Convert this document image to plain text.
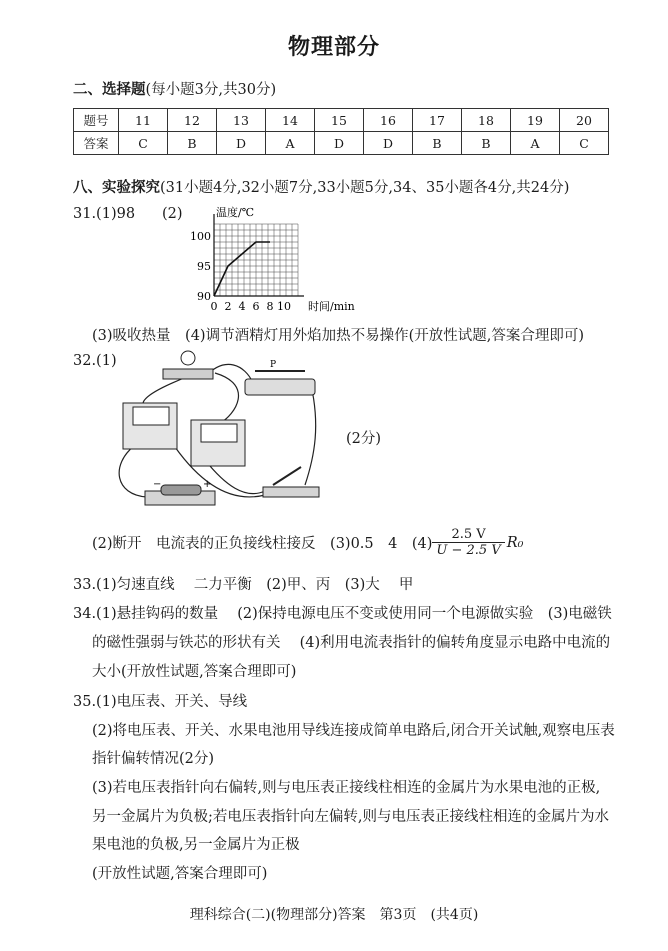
物理部分
二、选择题(每小题3分,共30分)
题号	11	12	13	14	15	16	17	18	19	20
答案	C	B	D	A	D	D	B	B	A	C
八、实验探究(31小题4分,32小题7分,33小题5分,34、35小题各4分,共24分)
31.(1)98 (2)
0 2 4 6 8 10
90
95
100
温度/℃
时间/min
(3)吸收热量　(4)调节酒精灯用外焰加热不易操作(开放性试题,答案合理即可)
32.(1)	P
−	+
(2分)
(2)断开　电流表的正负接线柱接反　(3)0.5　4　$(4) \frac{2.5 V}{U - 2.5 V} R_0$
33.(1)匀速直线　 二力平衡　(2)甲、丙　(3)大　 甲
34.(1)悬挂钩码的数量　 (2)保持电源电压不变或使用同一个电源做实验　(3)电磁铁
的磁性强弱与铁芯的形状有关　 (4)利用电流表指针的偏转角度显示电路中电流的
大小(开放性试题,答案合理即可)
35.(1)电压表、开关、导线
(2)将电压表、开关、水果电池用导线连接成简单电路后,闭合开关试触,观察电压表
指针偏转情况(2分)
(3)若电压表指针向右偏转,则与电压表正接线柱相连的金属片为水果电池的正极,
另一金属片为负极;若电压表指针向左偏转,则与电压表正接线柱相连的金属片为水
果电池的负极,另一金属片为正极
(开放性试题,答案合理即可)
理科综合(二)(物理部分)答案　第3页　(共4页)
